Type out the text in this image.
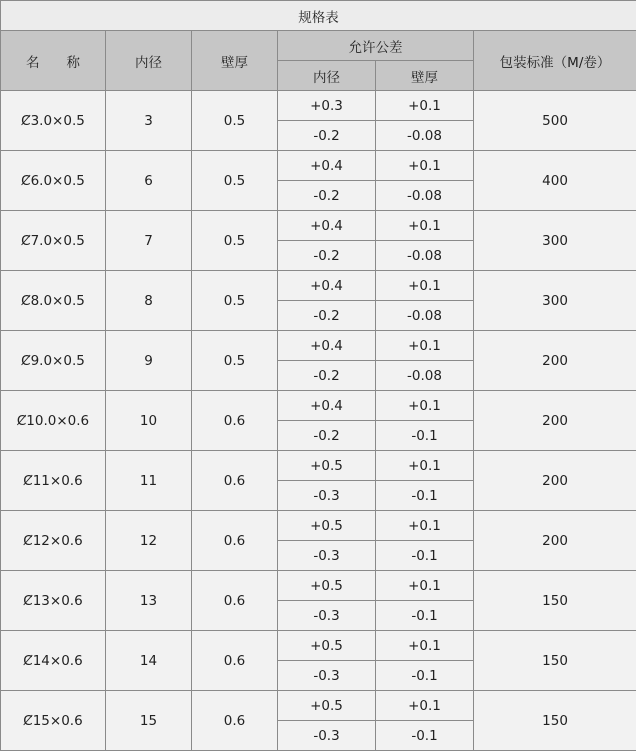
规格表					
名　　称	内径	壁厚	允许公差		包装标准（M/卷）
			内径	壁厚	
Ȼ3.0×0.5	3	0.5	+0.3	+0.1	500
			-0.2	-0.08	
Ȼ6.0×0.5	6	0.5	+0.4	+0.1	400
			-0.2	-0.08	
Ȼ7.0×0.5	7	0.5	+0.4	+0.1	300
			-0.2	-0.08	
Ȼ8.0×0.5	8	0.5	+0.4	+0.1	300
			-0.2	-0.08	
Ȼ9.0×0.5	9	0.5	+0.4	+0.1	200
			-0.2	-0.08	
Ȼ10.0×0.6	10	0.6	+0.4	+0.1	200
			-0.2	-0.1	
Ȼ11×0.6	11	0.6	+0.5	+0.1	200
			-0.3	-0.1	
Ȼ12×0.6	12	0.6	+0.5	+0.1	200
			-0.3	-0.1	
Ȼ13×0.6	13	0.6	+0.5	+0.1	150
			-0.3	-0.1	
Ȼ14×0.6	14	0.6	+0.5	+0.1	150
			-0.3	-0.1	
Ȼ15×0.6	15	0.6	+0.5	+0.1	150
			-0.3	-0.1	
